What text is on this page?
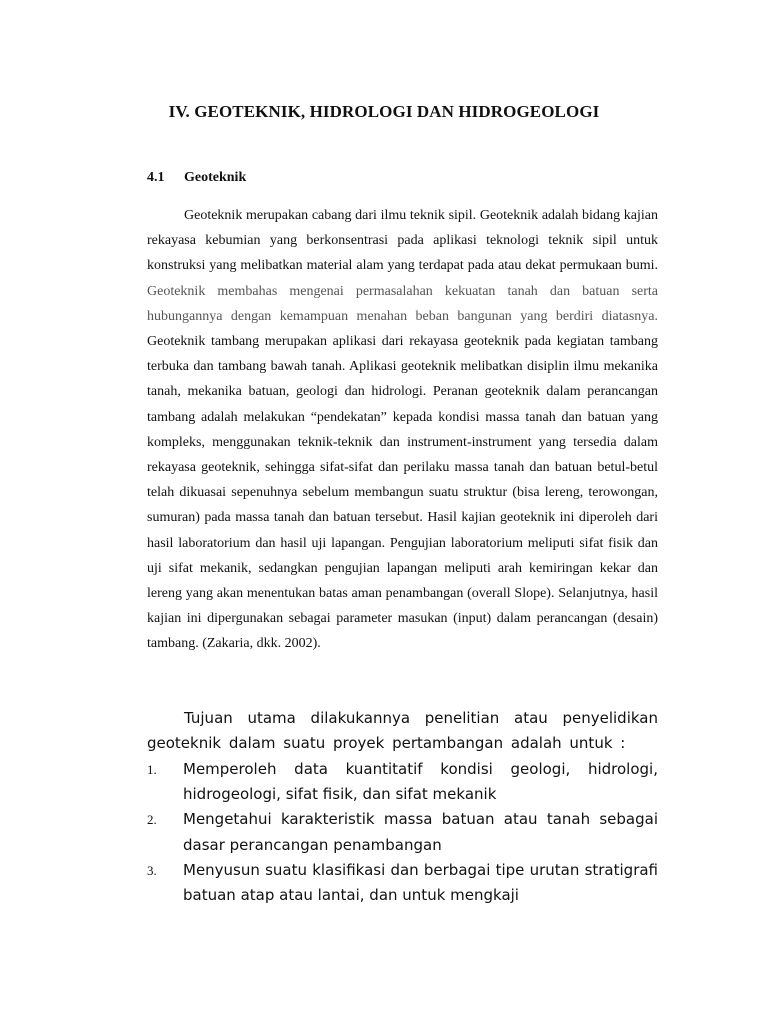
IV. GEOTEKNIK, HIDROLOGI DAN HIDROGEOLOGI
4.1 Geoteknik

Geoteknik merupakan cabang dari ilmu teknik sipil. Geoteknik adalah bidang kajian rekayasa kebumian yang berkonsentrasi pada aplikasi teknologi teknik sipil untuk konstruksi yang melibatkan material alam yang terdapat pada atau dekat permukaan bumi. Geoteknik membahas mengenai permasalahan kekuatan tanah dan batuan serta hubungannya dengan kemampuan menahan beban bangunan yang berdiri diatasnya. Geoteknik tambang merupakan aplikasi dari rekayasa geoteknik pada kegiatan tambang terbuka dan tambang bawah tanah. Aplikasi geoteknik melibatkan disiplin ilmu mekanika tanah, mekanika batuan, geologi dan hidrologi. Peranan geoteknik dalam perancangan tambang adalah melakukan “pendekatan” kepada kondisi massa tanah dan batuan yang kompleks, menggunakan teknik-teknik dan instrument-instrument yang tersedia dalam rekayasa geoteknik, sehingga sifat-sifat dan perilaku massa tanah dan batuan betul-betul telah dikuasai sepenuhnya sebelum membangun suatu struktur (bisa lereng, terowongan, sumuran) pada massa tanah dan batuan tersebut. Hasil kajian geoteknik ini diperoleh dari hasil laboratorium dan hasil uji lapangan. Pengujian laboratorium meliputi sifat fisik dan uji sifat mekanik, sedangkan pengujian lapangan meliputi arah kemiringan kekar dan lereng yang akan menentukan batas aman penambangan (overall Slope). Selanjutnya, hasil kajian ini dipergunakan sebagai parameter masukan (input) dalam perancangan (desain) tambang. (Zakaria, dkk. 2002).

Tujuan utama dilakukannya penelitian atau penyelidikan geoteknik dalam suatu proyek pertambangan adalah untuk :

1. Memperoleh data kuantitatif kondisi geologi, hidrologi, hidrogeologi, sifat fisik, dan sifat mekanik
2. Mengetahui karakteristik massa batuan atau tanah sebagai dasar perancangan penambangan
3. Menyusun suatu klasifikasi dan berbagai tipe urutan stratigrafi batuan atap atau lantai, dan untuk mengkaji
